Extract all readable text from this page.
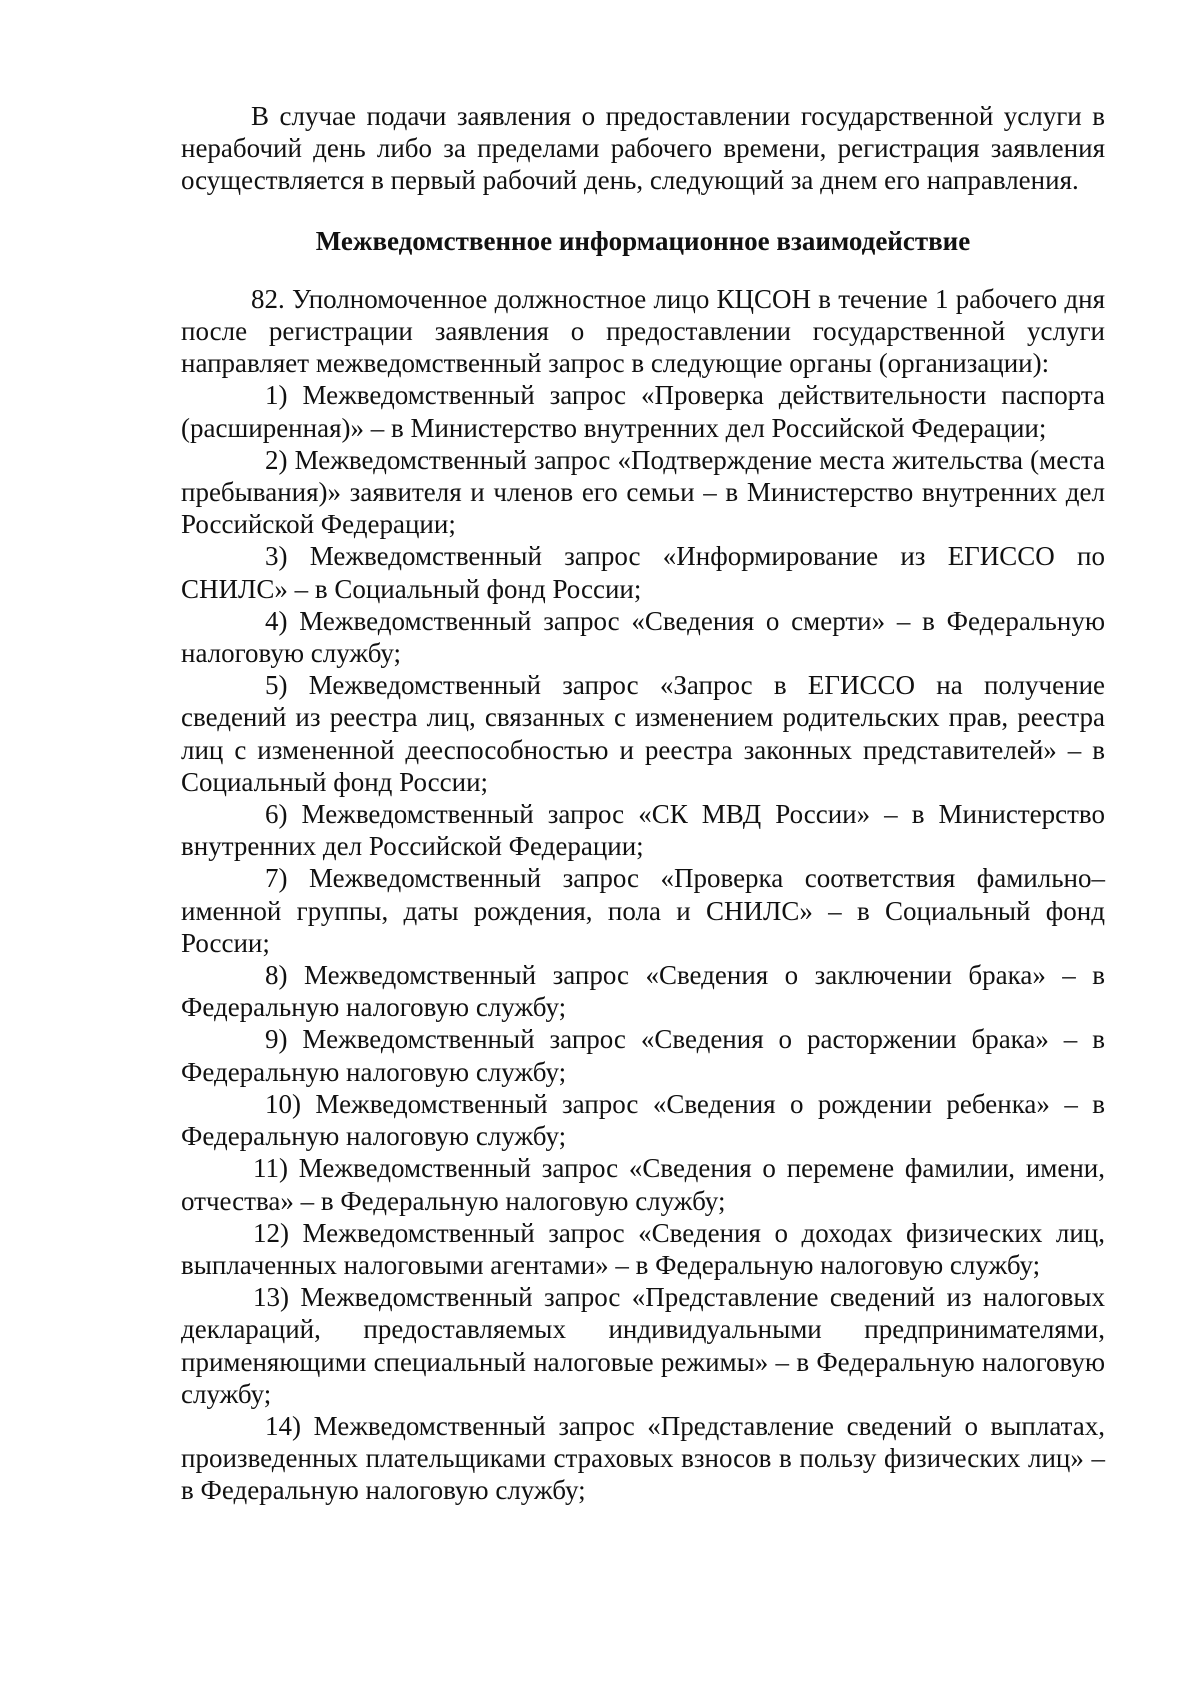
В случае подачи заявления о предоставлении государственной услуги в нерабочий день либо за пределами рабочего времени, регистрация заявления осуществляется в первый рабочий день, следующий за днем его направления.

Межведомственное информационное взаимодействие

82. Уполномоченное должностное лицо КЦСОН в течение 1 рабочего дня после регистрации заявления о предоставлении государственной услуги направляет межведомственный запрос в следующие органы (организации):

1) Межведомственный запрос «Проверка действительности паспорта (расширенная)» – в Министерство внутренних дел Российской Федерации;

2) Межведомственный запрос «Подтверждение места жительства (места пребывания)» заявителя и членов его семьи – в Министерство внутренних дел Российской Федерации;

3) Межведомственный запрос «Информирование из ЕГИССО по СНИЛС» – в Социальный фонд России;

4) Межведомственный запрос «Сведения о смерти» – в Федеральную налоговую службу;

5) Межведомственный запрос «Запрос в ЕГИССО на получение сведений из реестра лиц, связанных с изменением родительских прав, реестра лиц с измененной дееспособностью и реестра законных представителей» – в Социальный фонд России;

6) Межведомственный запрос «СК МВД России» – в Министерство внутренних дел Российской Федерации;

7) Межведомственный запрос «Проверка соответствия фамильно–именной группы, даты рождения, пола и СНИЛС» – в Социальный фонд России;

8) Межведомственный запрос «Сведения о заключении брака» – в Федеральную налоговую службу;

9) Межведомственный запрос «Сведения о расторжении брака» – в Федеральную налоговую службу;

10) Межведомственный запрос «Сведения о рождении ребенка» – в Федеральную налоговую службу;

11) Межведомственный запрос «Сведения о перемене фамилии, имени, отчества» – в Федеральную налоговую службу;

12) Межведомственный запрос «Сведения о доходах физических лиц, выплаченных налоговыми агентами» – в Федеральную налоговую службу;

13) Межведомственный запрос «Представление сведений из налоговых деклараций, предоставляемых индивидуальными предпринимателями, применяющими специальный налоговые режимы» – в Федеральную налоговую службу;

14) Межведомственный запрос «Представление сведений о выплатах, произведенных плательщиками страховых взносов в пользу физических лиц» – в Федеральную налоговую службу;
